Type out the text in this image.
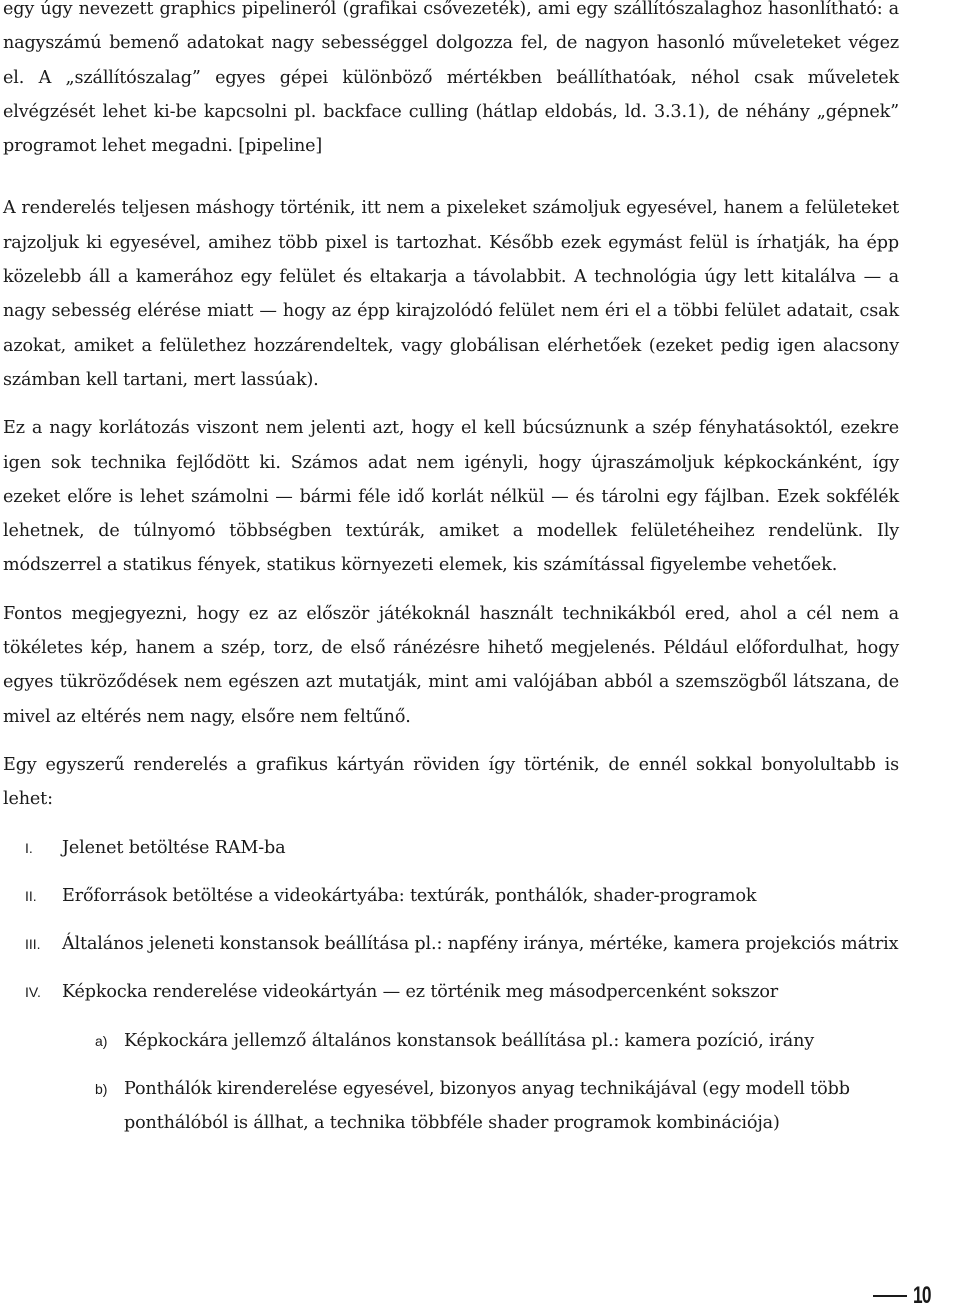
egy úgy nevezett graphics pipelineról (grafikai csővezeték), ami egy szállítószalaghoz hasonlítható: a nagyszámú bemenő adatokat nagy sebességgel dolgozza fel, de nagyon hasonló műveleteket végez el. A „szállítószalag” egyes gépei különböző mértékben beállíthatóak, néhol csak műveletek elvégzését lehet ki-be kapcsolni pl. backface culling (hátlap eldobás, ld. 3.3.1), de néhány „gépnek” programot lehet megadni. [pipeline]

A renderelés teljesen máshogy történik, itt nem a pixeleket számoljuk egyesével, hanem a felületeket rajzoljuk ki egyesével, amihez több pixel is tartozhat. Később ezek egymást felül is írhatják, ha épp közelebb áll a kamerához egy felület és eltakarja a távolabbit. A technológia úgy lett kitalálva — a nagy sebesség elérése miatt — hogy az épp kirajzolódó felület nem éri el a többi felület adatait, csak azokat, amiket a felülethez hozzárendeltek, vagy globálisan elérhetőek (ezeket pedig igen alacsony számban kell tartani, mert lassúak).

Ez a nagy korlátozás viszont nem jelenti azt, hogy el kell búcsúznunk a szép fényhatásoktól, ezekre igen sok technika fejlődött ki. Számos adat nem igényli, hogy újraszámoljuk képkockánként, így ezeket előre is lehet számolni — bármi féle idő korlát nélkül — és tárolni egy fájlban. Ezek sokfélék lehetnek, de túlnyomó többségben textúrák, amiket a modellek felületéheihez rendelünk. Ily módszerrel a statikus fények, statikus környezeti elemek, kis számítással figyelembe vehetőek.

Fontos megjegyezni, hogy ez az először játékoknál használt technikákból ered, ahol a cél nem a tökéletes kép, hanem a szép, torz, de első ránézésre hihető megjelenés. Például előfordulhat, hogy egyes tükröződések nem egészen azt mutatják, mint ami valójában abból a szemszögből látszana, de mivel az eltérés nem nagy, elsőre nem feltűnő.

Egy egyszerű renderelés a grafikus kártyán röviden így történik, de ennél sokkal bonyolultabb is lehet:

I. Jelenet betöltése RAM-ba
II. Erőforrások betöltése a videokártyába: textúrák, ponthálók, shader-programok
III. Általános jeleneti konstansok beállítása pl.: napfény iránya, mértéke, kamera projekciós mátrix
IV. Képkocka renderelése videokártyán — ez történik meg másodpercenként sokszor
a) Képkockára jellemző általános konstansok beállítása pl.: kamera pozíció, irány
b) Ponthálók kirenderelése egyesével, bizonyos anyag technikájával (egy modell több ponthálóból is állhat, a technika többféle shader programok kombinációja)
10
